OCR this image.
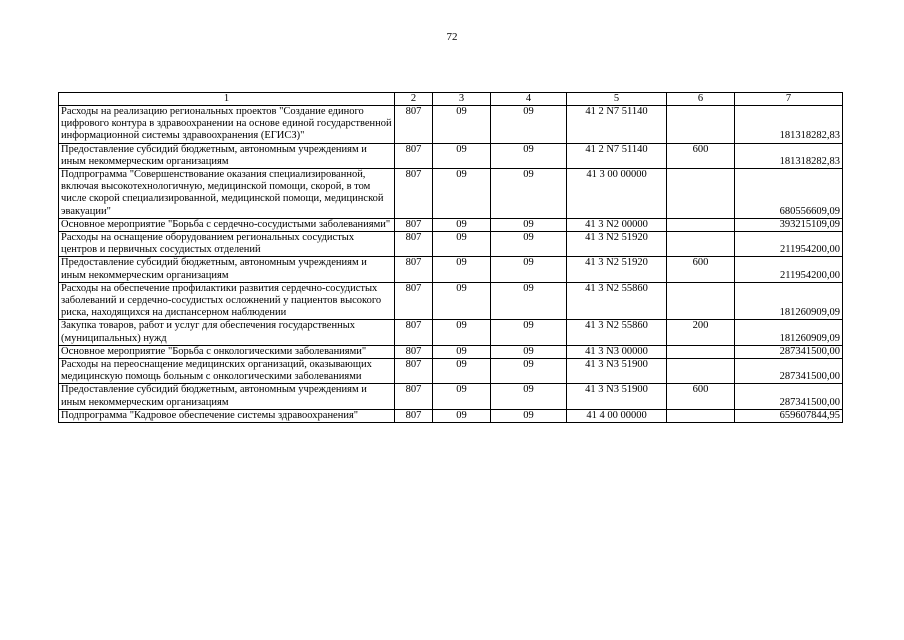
72
1	2	3	4	5	6	7
Расходы на реализацию региональных проектов "Создание единого цифрового контура в здравоохранении на основе единой государственной информационной системы здравоохранения (ЕГИСЗ)"	807	09	09	41 2 N7 51140		181318282,83
Предоставление субсидий бюджетным, автономным учреждениям и иным некоммерческим организациям	807	09	09	41 2 N7 51140	600	181318282,83
Подпрограмма "Совершенствование оказания специализированной, включая высокотехнологичную, медицинской помощи, скорой, в том числе скорой специализированной, медицинской помощи, медицинской эвакуации"	807	09	09	41 3 00 00000		680556609,09
Основное мероприятие "Борьба с сердечно-сосудистыми заболеваниями"	807	09	09	41 3 N2 00000		393215109,09
Расходы на оснащение оборудованием региональных сосудистых центров и первичных сосудистых отделений	807	09	09	41 3 N2 51920		211954200,00
Предоставление субсидий бюджетным, автономным учреждениям и иным некоммерческим организациям	807	09	09	41 3 N2 51920	600	211954200,00
Расходы на обеспечение профилактики развития сердечно-сосудистых заболеваний и сердечно-сосудистых осложнений у пациентов высокого риска, находящихся на диспансерном наблюдении	807	09	09	41 3 N2 55860		181260909,09
Закупка товаров, работ и услуг для обеспечения государственных (муниципальных) нужд	807	09	09	41 3 N2 55860	200	181260909,09
Основное мероприятие "Борьба с онкологическими заболеваниями"	807	09	09	41 3 N3 00000		287341500,00
Расходы на переоснащение медицинских организаций, оказывающих медицинскую помощь больным с онкологическими заболеваниями	807	09	09	41 3 N3 51900		287341500,00
Предоставление субсидий бюджетным, автономным учреждениям и иным некоммерческим организациям	807	09	09	41 3 N3 51900	600	287341500,00
Подпрограмма "Кадровое обеспечение системы здравоохранения"	807	09	09	41 4 00 00000		659607844,95
